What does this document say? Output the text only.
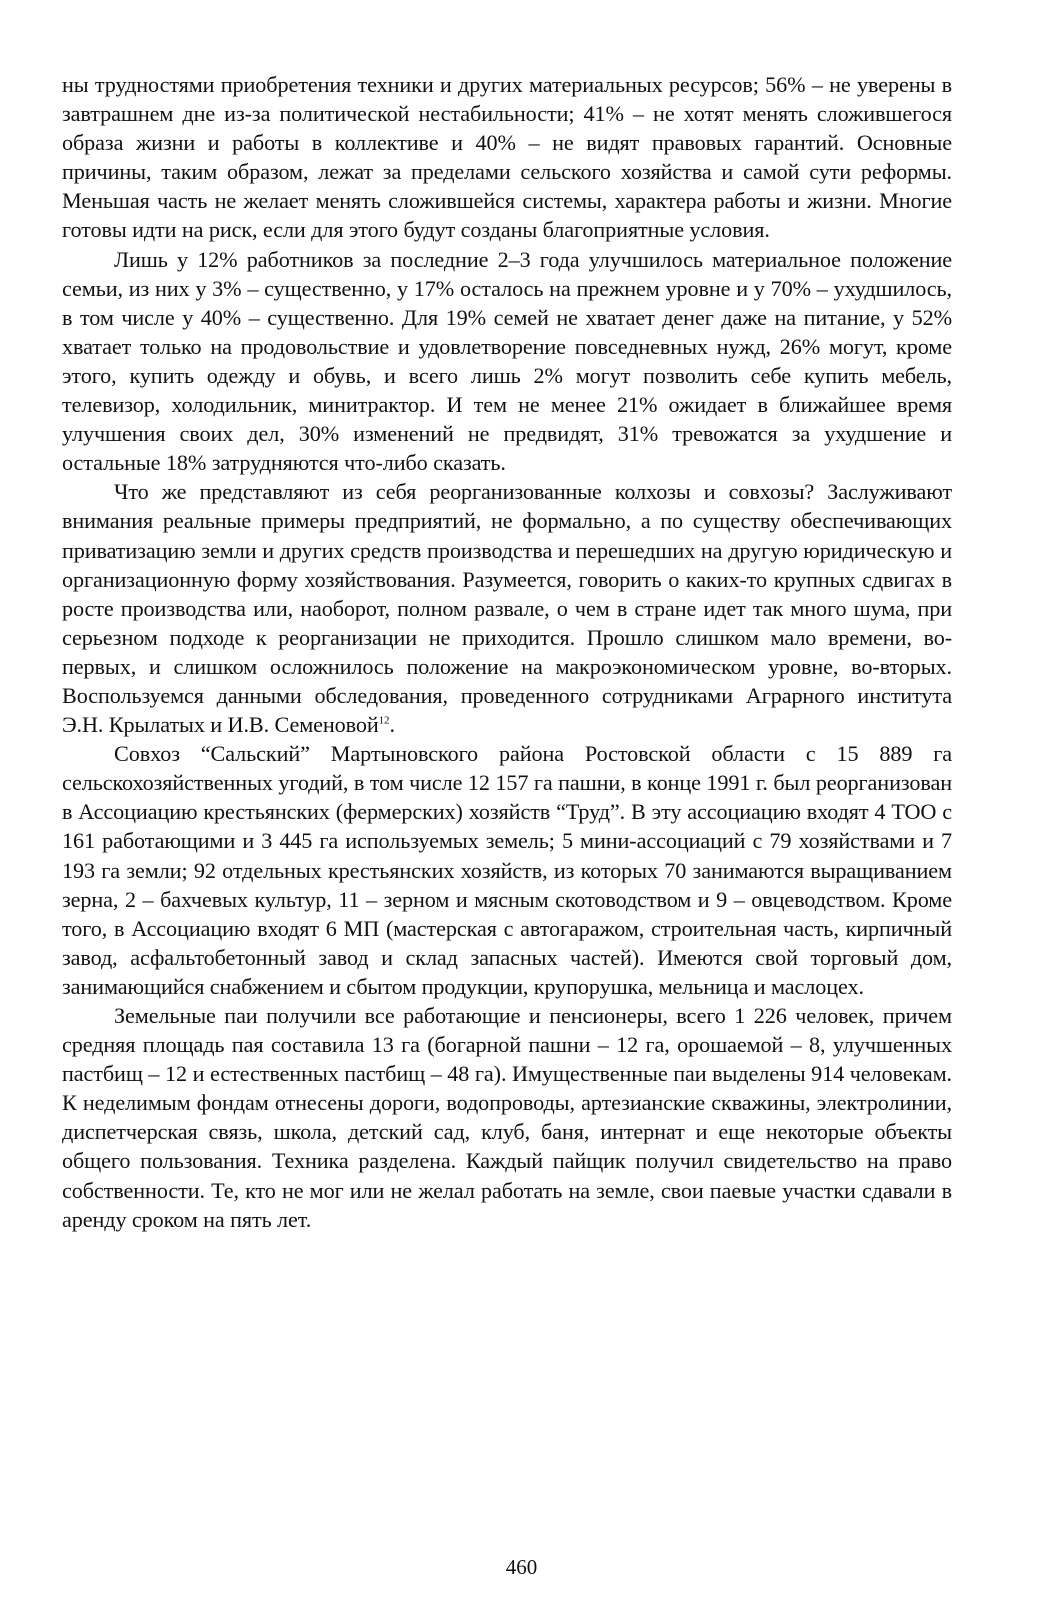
ны трудностями приобретения техники и других материальных ресурсов; 56% – не уверены в завтрашнем дне из-за политической нестабильности; 41% – не хотят менять сложившегося образа жизни и работы в коллективе и 40% – не видят правовых гарантий. Основные причины, таким образом, лежат за пределами сельского хозяйства и самой сути реформы. Меньшая часть не желает менять сложившейся системы, характера работы и жизни. Многие готовы идти на риск, если для этого будут созданы благоприятные условия.

Лишь у 12% работников за последние 2–3 года улучшилось материальное положение семьи, из них у 3% – существенно, у 17% осталось на прежнем уровне и у 70% – ухудшилось, в том числе у 40% – существенно. Для 19% семей не хватает денег даже на питание, у 52% хватает только на продовольствие и удовлетворение повседневных нужд, 26% могут, кроме этого, купить одежду и обувь, и всего лишь 2% могут позволить себе купить мебель, телевизор, холодильник, минитрактор. И тем не менее 21% ожидает в ближайшее время улучшения своих дел, 30% изменений не предвидят, 31% тревожатся за ухудшение и остальные 18% затрудняются что-либо сказать.

Что же представляют из себя реорганизованные колхозы и совхозы? Заслуживают внимания реальные примеры предприятий, не формально, а по существу обеспечивающих приватизацию земли и других средств производства и перешедших на другую юридическую и организационную форму хозяйствования. Разумеется, говорить о каких-то крупных сдвигах в росте производства или, наоборот, полном развале, о чем в стране идет так много шума, при серьезном подходе к реорганизации не приходится. Прошло слишком мало времени, во-первых, и слишком осложнилось положение на макроэкономическом уровне, во-вторых. Воспользуемся данными обследования, проведенного сотрудниками Аграрного института Э.Н. Крылатых и И.В. Семеновой$^{12}$.

Совхоз “Сальский” Мартыновского района Ростовской области с 15 889 га сельскохозяйственных угодий, в том числе 12 157 га пашни, в конце 1991 г. был реорганизован в Ассоциацию крестьянских (фермерских) хозяйств “Труд”. В эту ассоциацию входят 4 ТОО с 161 работающими и 3 445 га используемых земель; 5 мини-ассоциаций с 79 хозяйствами и 7 193 га земли; 92 отдельных крестьянских хозяйств, из которых 70 занимаются выращиванием зерна, 2 – бахчевых культур, 11 – зерном и мясным скотоводством и 9 – овцеводством. Кроме того, в Ассоциацию входят 6 МП (мастерская с автогаражом, строительная часть, кирпичный завод, асфальтобетонный завод и склад запасных частей). Имеются свой торговый дом, занимающийся снабжением и сбытом продукции, крупорушка, мельница и маслоцех.

Земельные паи получили все работающие и пенсионеры, всего 1 226 человек, причем средняя площадь пая составила 13 га (богарной пашни – 12 га, орошаемой – 8, улучшенных пастбищ – 12 и естественных пастбищ – 48 га). Имущественные паи выделены 914 человекам. К неделимым фондам отнесены дороги, водопроводы, артезианские скважины, электролинии, диспетчерская связь, школа, детский сад, клуб, баня, интернат и еще некоторые объекты общего пользования. Техника разделена. Каждый пайщик получил свидетельство на право собственности. Те, кто не мог или не желал работать на земле, свои паевые участки сдавали в аренду сроком на пять лет.

460
